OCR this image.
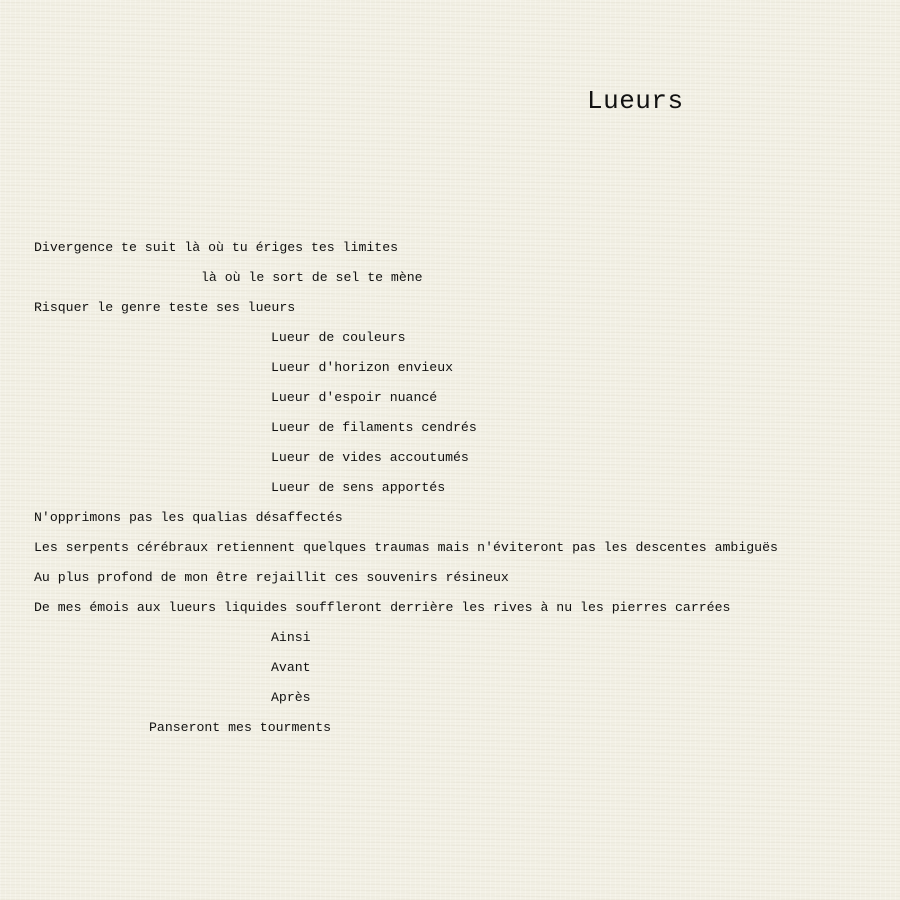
Lueurs
Divergence te suit là où tu ériges tes limites
là où le sort de sel te mène
Risquer le genre teste ses lueurs
Lueur de couleurs
Lueur d'horizon envieux
Lueur d'espoir nuancé
Lueur de filaments cendrés
Lueur de vides accoutumés
Lueur de sens apportés
N'opprimons pas les qualias désaffectés
Les serpents cérébraux retiennent quelques traumas mais n'éviteront pas les descentes ambiguës
Au plus profond de mon être rejaillit ces souvenirs résineux
De mes émois aux lueurs liquides souffleront derrière les rives à nu les pierres carrées
Ainsi
Avant
Après
Panseront mes tourments
